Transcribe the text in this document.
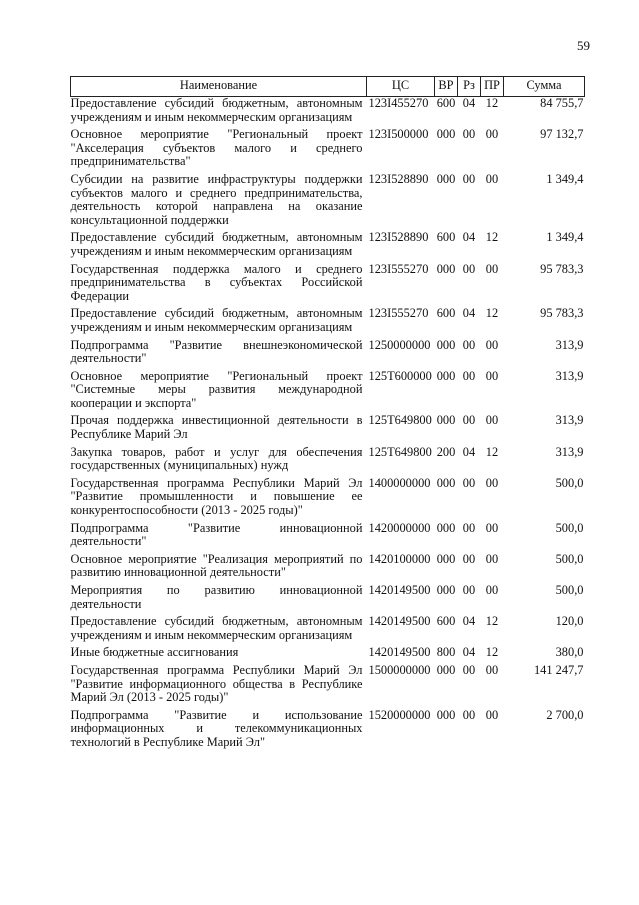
59
Наименование	ЦС	ВР	Рз	ПР	Сумма
Предоставление субсидий бюджетным, автономным учреждениям и иным некоммерческим организациям	123I455270	600	04	12	84 755,7
Основное мероприятие "Региональный проект "Акселерация субъектов малого и среднего предпринимательства"	123I500000	000	00	00	97 132,7
Субсидии на развитие инфраструктуры поддержки субъектов малого и среднего предпринимательства, деятельность которой направлена на оказание консультационной поддержки	123I528890	000	00	00	1 349,4
Предоставление субсидий бюджетным, автономным учреждениям и иным некоммерческим организациям	123I528890	600	04	12	1 349,4
Государственная поддержка малого и среднего предпринимательства в субъектах Российской Федерации	123I555270	000	00	00	95 783,3
Предоставление субсидий бюджетным, автономным учреждениям и иным некоммерческим организациям	123I555270	600	04	12	95 783,3
Подпрограмма "Развитие внешнеэкономической деятельности"	1250000000	000	00	00	313,9
Основное мероприятие "Региональный проект "Системные меры развития международной кооперации и экспорта"	125T600000	000	00	00	313,9
Прочая поддержка инвестиционной деятельности в Республике Марий Эл	125T649800	000	00	00	313,9
Закупка товаров, работ и услуг для обеспечения государственных (муниципальных) нужд	125T649800	200	04	12	313,9
Государственная программа Республики Марий Эл "Развитие промышленности и повышение ее конкурентоспособности (2013 - 2025 годы)"	1400000000	000	00	00	500,0
Подпрограмма "Развитие инновационной деятельности"	1420000000	000	00	00	500,0
Основное мероприятие "Реализация мероприятий по развитию инновационной деятельности"	1420100000	000	00	00	500,0
Мероприятия по развитию инновационной деятельности	1420149500	000	00	00	500,0
Предоставление субсидий бюджетным, автономным учреждениям и иным некоммерческим организациям	1420149500	600	04	12	120,0
Иные бюджетные ассигнования	1420149500	800	04	12	380,0
Государственная программа Республики Марий Эл "Развитие информационного общества в Республике Марий Эл (2013 - 2025 годы)"	1500000000	000	00	00	141 247,7
Подпрограмма "Развитие и использование информационных и телекоммуникационных технологий в Республике Марий Эл"	1520000000	000	00	00	2 700,0
